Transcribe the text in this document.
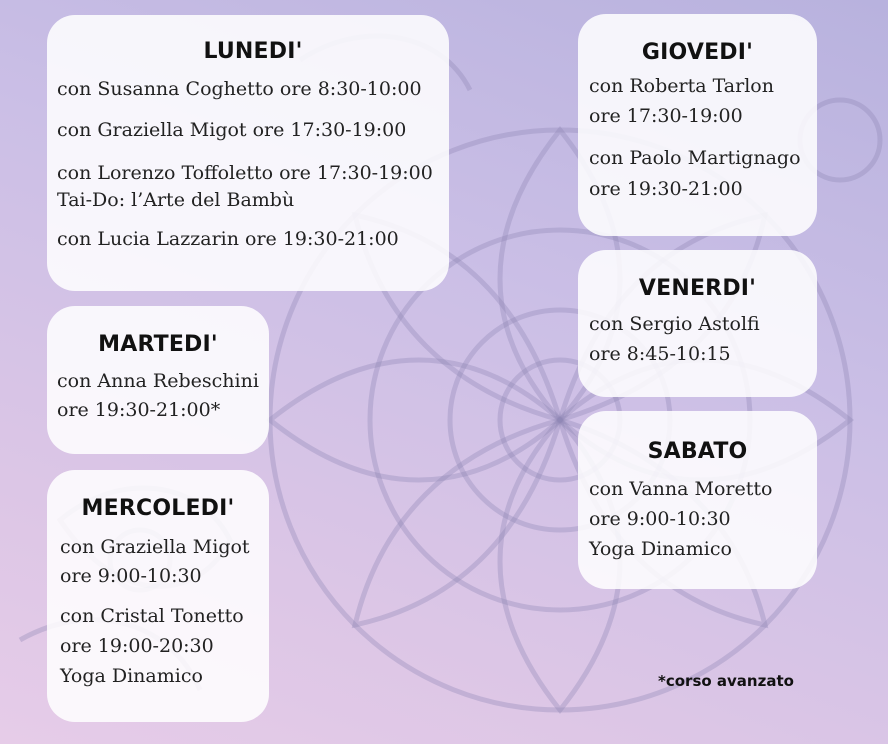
LUNEDI'
con Susanna Coghetto ore 8:30-10:00
con Graziella Migot ore 17:30-19:00
con Lorenzo Toffoletto ore 17:30-19:00
Tai-Do: l’Arte del Bambù
con Lucia Lazzarin ore 19:30-21:00
MARTEDI'
con Anna Rebeschini
ore 19:30-21:00*
MERCOLEDI'
con Graziella Migot
ore 9:00-10:30
con Cristal Tonetto
ore 19:00-20:30
Yoga Dinamico
GIOVEDI'
con Roberta Tarlon
ore 17:30-19:00
con Paolo Martignago
ore 19:30-21:00
VENERDI'
con Sergio Astolfi
ore 8:45-10:15
SABATO
con Vanna Moretto
ore 9:00-10:30
Yoga Dinamico
*corso avanzato
